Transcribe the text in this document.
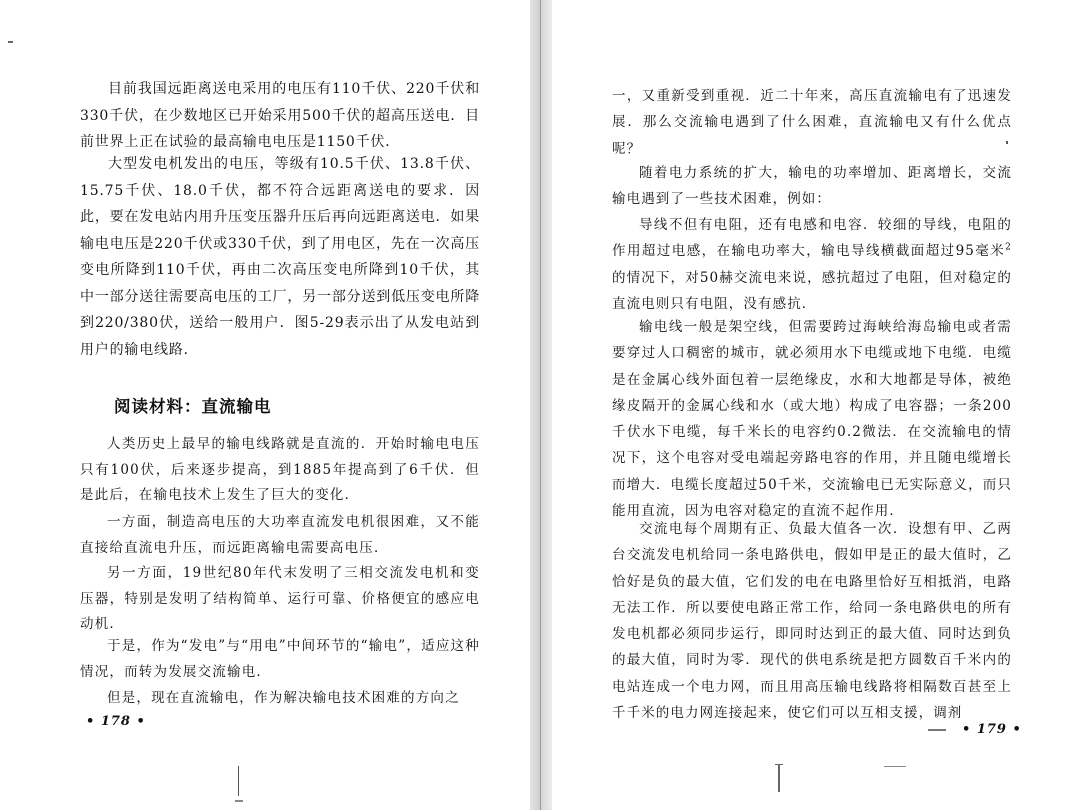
目前我国远距离送电采用的电压有110千伏、220千伏和330千伏，在少数地区已开始采用500千伏的超高压送电．目前世界上正在试验的最高输电电压是1150千伏．

大型发电机发出的电压，等级有10.5千伏、13.8千伏、15.75千伏、18.0千伏，都不符合远距离送电的要求．因此，要在发电站内用升压变压器升压后再向远距离送电．如果输电电压是220千伏或330千伏，到了用电区，先在一次高压变电所降到110千伏，再由二次高压变电所降到10千伏，其中一部分送往需要高电压的工厂，另一部分送到低压变电所降到220/380伏，送给一般用户．图5-29表示出了从发电站到用户的输电线路．

阅读材料：直流输电

人类历史上最早的输电线路就是直流的．开始时输电电压只有100伏，后来逐步提高，到1885年提高到了6千伏．但是此后，在输电技术上发生了巨大的变化．

一方面，制造高电压的大功率直流发电机很困难，又不能直接给直流电升压，而远距离输电需要高电压．

另一方面，19世纪80年代末发明了三相交流发电机和变压器，特别是发明了结构简单、运行可靠、价格便宜的感应电动机．

于是，作为“发电”与“用电”中间环节的“输电”，适应这种情况，而转为发展交流输电．

但是，现在直流输电，作为解决输电技术困难的方向之

• 178 •

一，又重新受到重视．近二十年来，高压直流输电有了迅速发展．那么交流输电遇到了什么困难，直流输电又有什么优点呢？

随着电力系统的扩大，输电的功率增加、距离增长，交流输电遇到了一些技术困难，例如：

导线不但有电阻，还有电感和电容．较细的导线，电阻的作用超过电感，在输电功率大，输电导线横截面超过95毫米$^2$的情况下，对50赫交流电来说，感抗超过了电阻，但对稳定的直流电则只有电阻，没有感抗．

输电线一般是架空线，但需要跨过海峡给海岛输电或者需要穿过人口稠密的城市，就必须用水下电缆或地下电缆．电缆是在金属心线外面包着一层绝缘皮，水和大地都是导体，被绝缘皮隔开的金属心线和水（或大地）构成了电容器；一条200千伏水下电缆，每千米长的电容约0.2微法．在交流输电的情况下，这个电容对受电端起旁路电容的作用，并且随电缆增长而增大．电缆长度超过50千米，交流输电已无实际意义，而只能用直流，因为电容对稳定的直流不起作用．

交流电每个周期有正、负最大值各一次．设想有甲、乙两台交流发电机给同一条电路供电，假如甲是正的最大值时，乙恰好是负的最大值，它们发的电在电路里恰好互相抵消，电路无法工作．所以要使电路正常工作，给同一条电路供电的所有发电机都必须同步运行，即同时达到正的最大值、同时达到负的最大值，同时为零．现代的供电系统是把方圆数百千米内的电站连成一个电力网，而且用高压输电线路将相隔数百甚至上千千米的电力网连接起来，使它们可以互相支援，调剂

• 179 •
